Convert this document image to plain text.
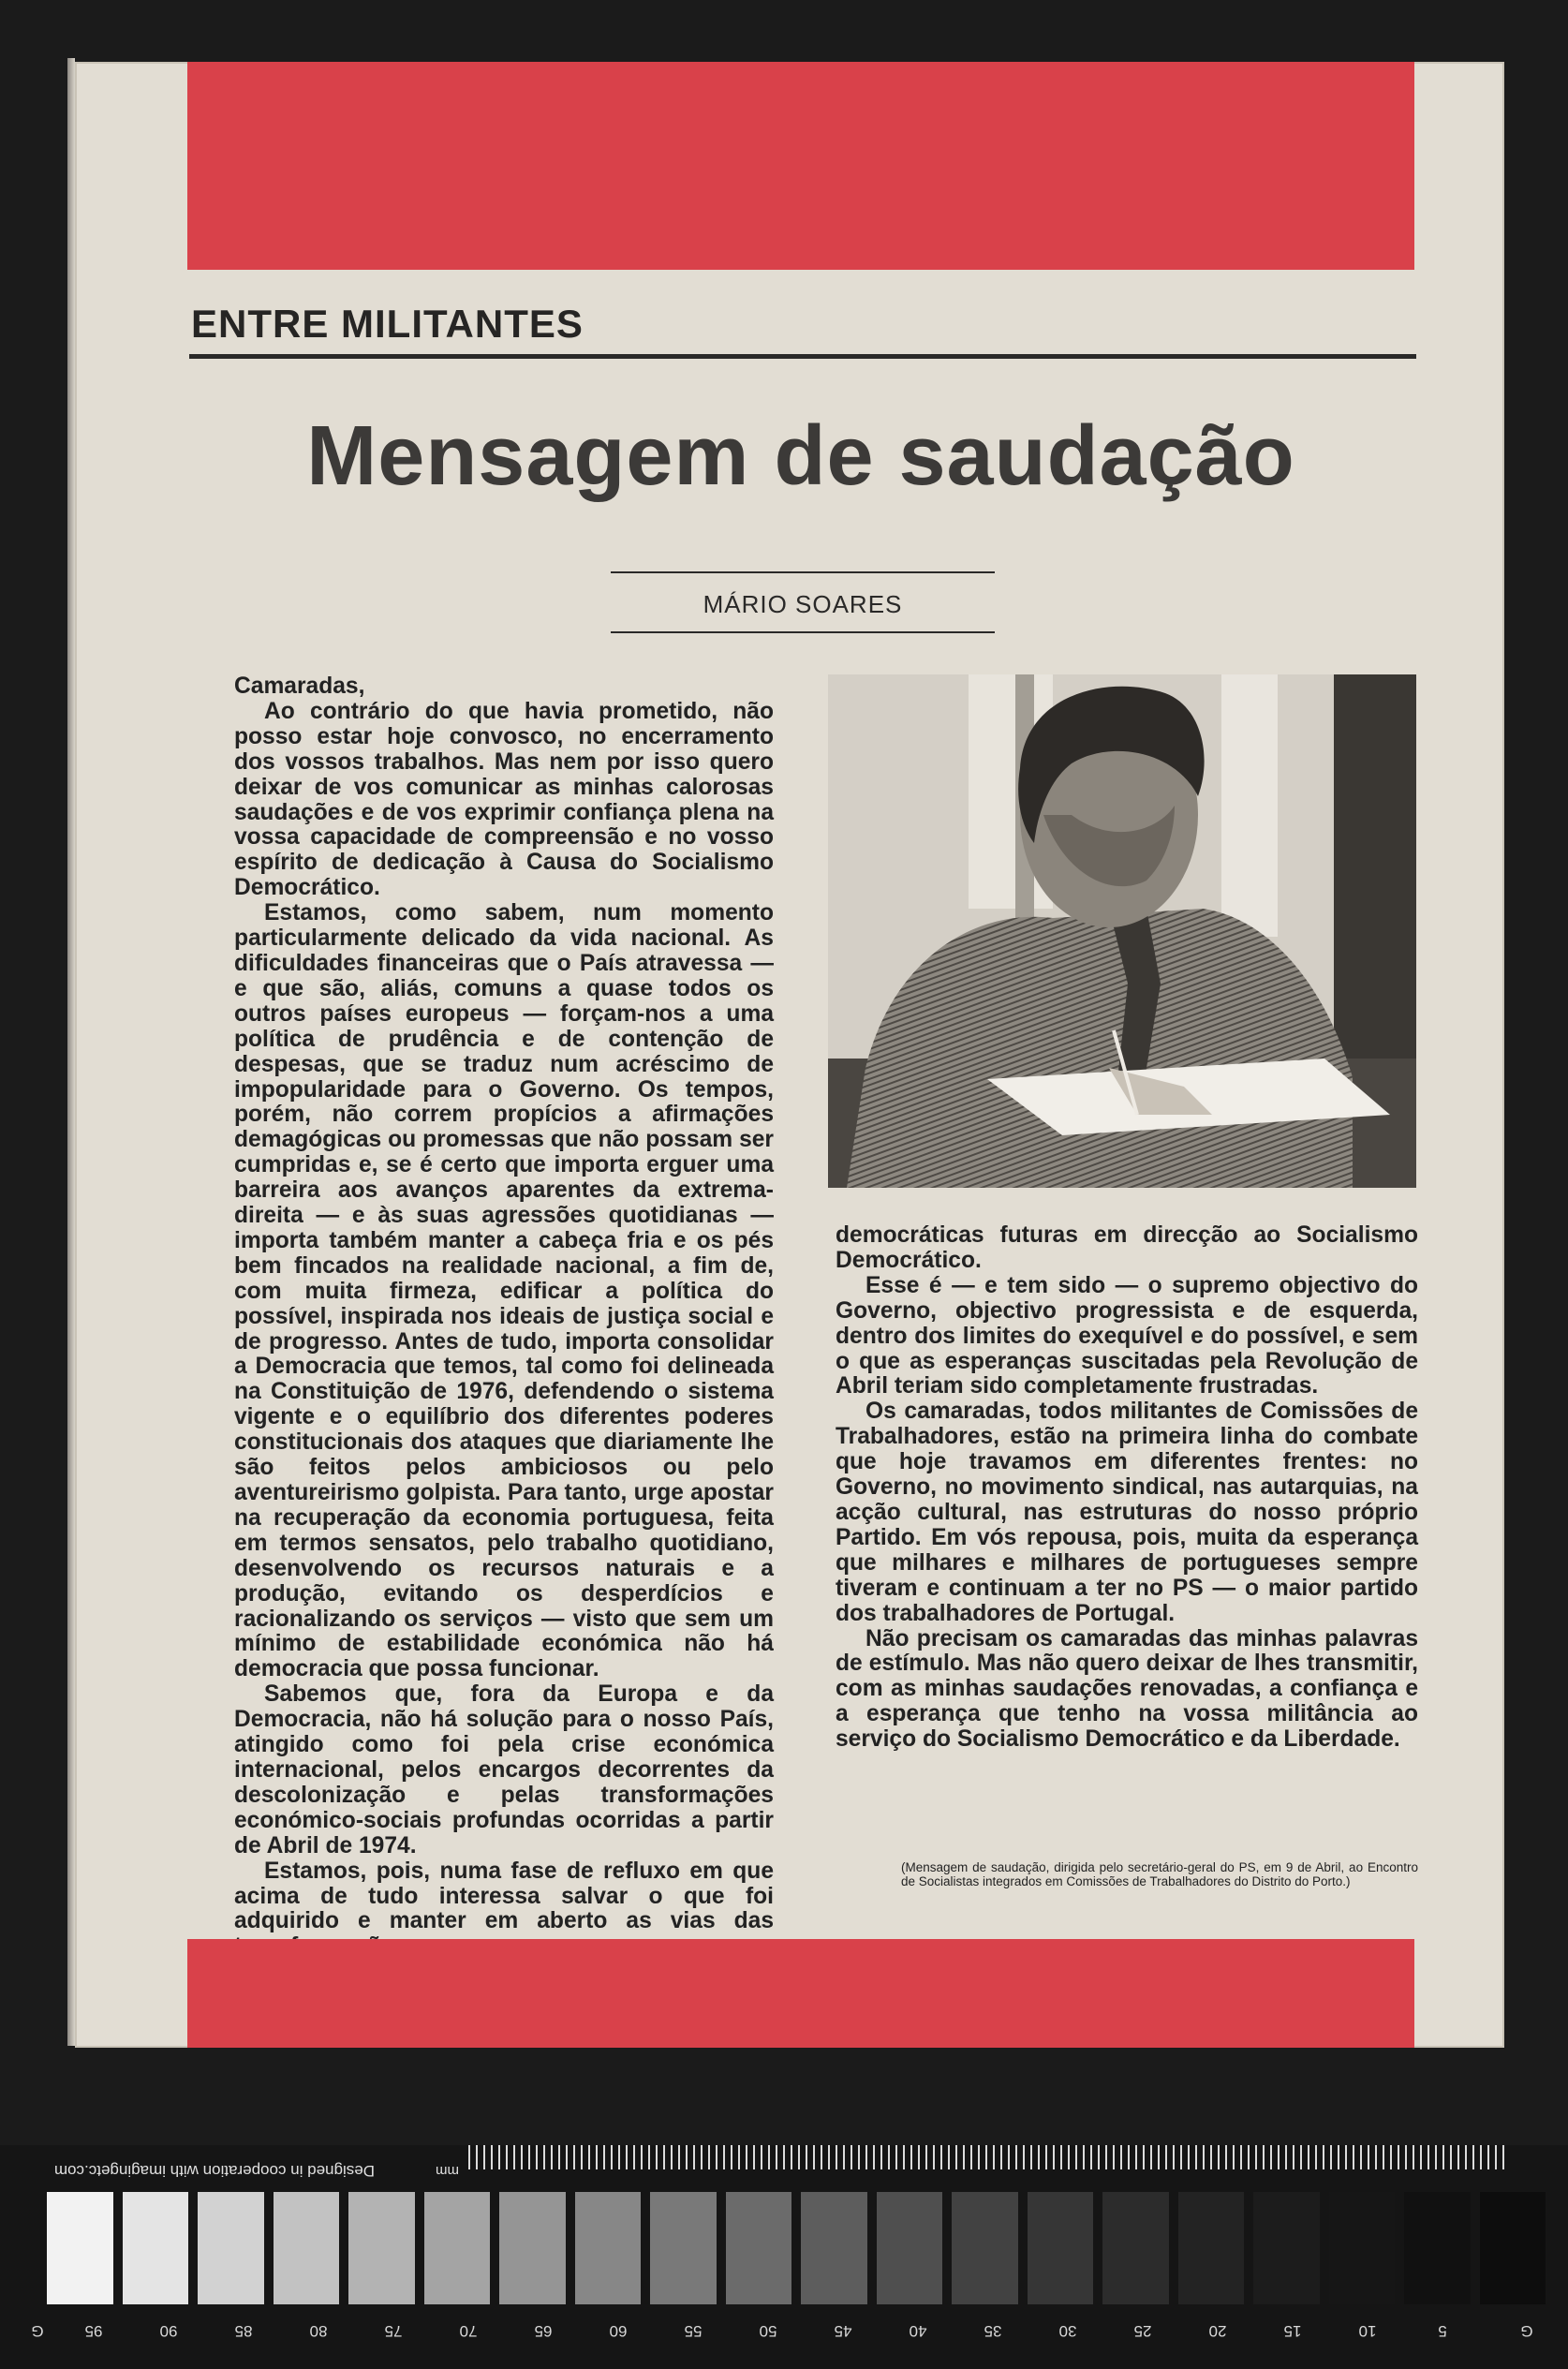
ENTRE MILITANTES
Mensagem de saudação
MÁRIO SOARES

Camaradas,

Ao contrário do que havia prometido, não posso estar hoje convosco, no encerramento dos vossos trabalhos. Mas nem por isso quero deixar de vos comunicar as minhas calorosas saudações e de vos exprimir confiança plena na vossa capacidade de compreensão e no vosso espírito de dedicação à Causa do Socialismo Democrático.

Estamos, como sabem, num momento particularmente delicado da vida nacional. As dificuldades financeiras que o País atravessa — e que são, aliás, comuns a quase todos os outros países europeus — forçam-nos a uma política de prudência e de contenção de despesas, que se traduz num acréscimo de impopularidade para o Governo. Os tempos, porém, não correm propícios a afirmações demagógicas ou promessas que não possam ser cumpridas e, se é certo que importa erguer uma barreira aos avanços aparentes da extrema-direita — e às suas agressões quotidianas — importa também manter a cabeça fria e os pés bem fincados na realidade nacional, a fim de, com muita firmeza, edificar a política do possível, inspirada nos ideais de justiça social e de progresso. Antes de tudo, importa consolidar a Democracia que temos, tal como foi delineada na Constituição de 1976, defendendo o sistema vigente e o equilíbrio dos diferentes poderes constitucionais dos ataques que diariamente lhe são feitos pelos ambiciosos ou pelo aventureirismo golpista. Para tanto, urge apostar na recuperação da economia portuguesa, feita em termos sensatos, pelo trabalho quotidiano, desenvolvendo os recursos naturais e a produção, evitando os desperdícios e racionalizando os serviços — visto que sem um mínimo de estabilidade económica não há democracia que possa funcionar.

Sabemos que, fora da Europa e da Democracia, não há solução para o nosso País, atingido como foi pela crise económica internacional, pelos encargos decorrentes da descolonização e pelas transformações económico-sociais profundas ocorridas a partir de Abril de 1974.

Estamos, pois, numa fase de refluxo em que acima de tudo interessa salvar o que foi adquirido e manter em aberto as vias das

democráticas futuras em direcção ao Socialismo Democrático.

Esse é — e tem sido — o supremo objectivo do Governo, objectivo progressista e de esquerda, dentro dos limites do exequível e do possível, e sem o que as esperanças suscitadas pela Revolução de Abril teriam sido completamente frustradas.

Os camaradas, todos militantes de Comissões de Trabalhadores, estão na primeira linha do combate que hoje travamos em diferentes frentes: no Governo, no movimento sindical, nas autarquias, na acção cultural, nas estruturas do nosso próprio Partido. Em vós repousa, pois, muita da esperança que milhares e milhares de portugueses sempre tiveram e continuam a ter no PS — o maior partido dos trabalhadores de Portugal.

Não precisam os camaradas das minhas palavras de estímulo. Mas não quero deixar de lhes transmitir, com as minhas saudações renovadas, a confiança e a esperança que tenho na vossa militância ao serviço do Socialismo Democrático e da Liberdade.

(Mensagem de saudação, dirigida pelo secretário-geral do PS, em 9 de Abril, ao Encontro de Socialistas integrados em Comissões de Trabalhadores do Distrito do Porto.)
Designed in cooperation with imagingetc.com	mm
G	95	90	85	80	75	70	65	60	55	50	45	40	35	30	25	20	15	10	5	G
